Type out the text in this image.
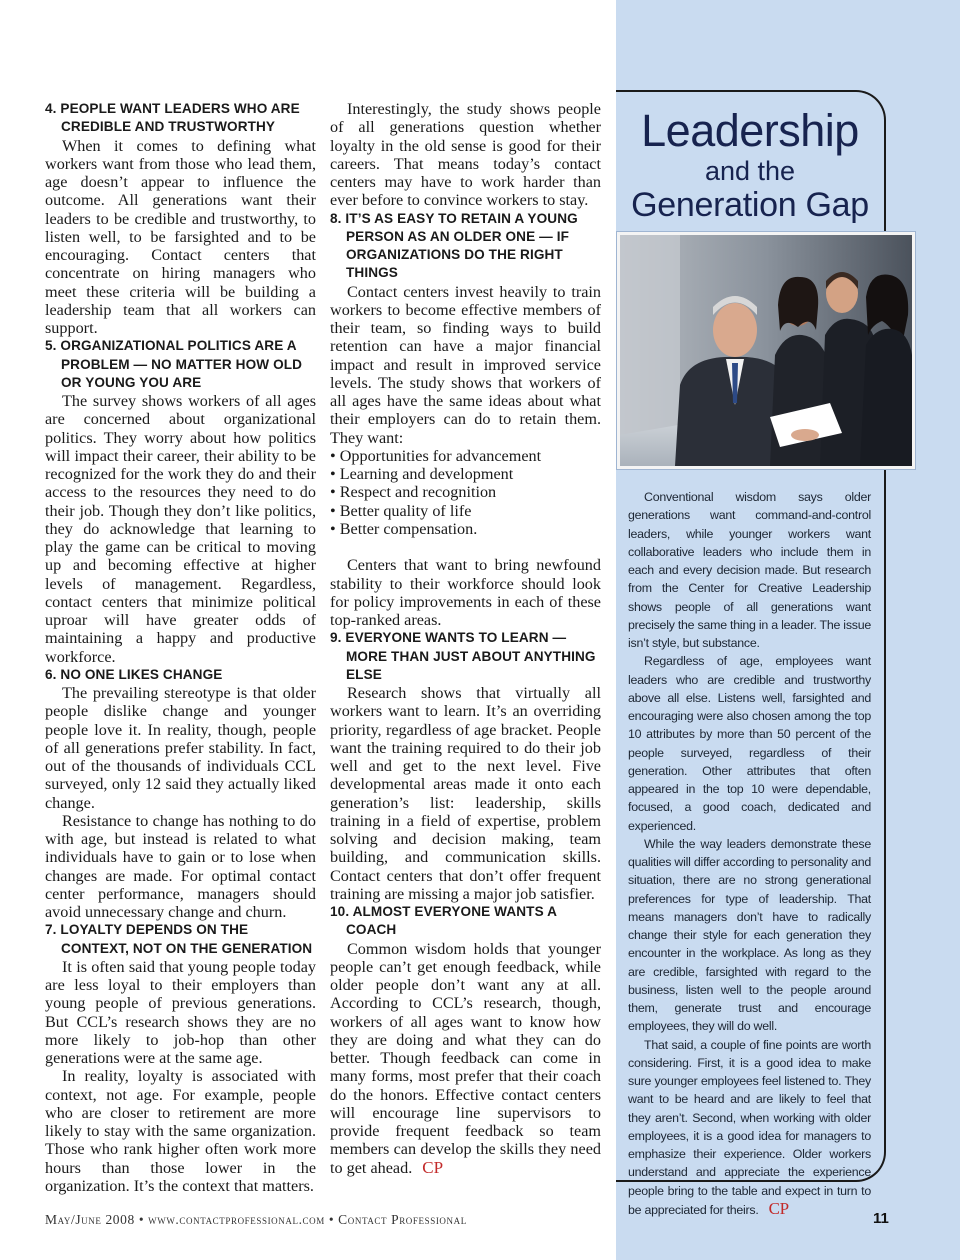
4. PEOPLE WANT LEADERS WHO ARE CREDIBLE AND TRUSTWORTHY

When it comes to defining what workers want from those who lead them, age doesn’t appear to influence the outcome. All generations want their leaders to be credible and trustworthy, to listen well, to be farsighted and to be encouraging. Contact centers that concentrate on hiring managers who meet these criteria will be building a leadership team that all workers can support.

5. ORGANIZATIONAL POLITICS ARE A PROBLEM — NO MATTER HOW OLD OR YOUNG YOU ARE

The survey shows workers of all ages are concerned about organizational politics. They worry about how politics will impact their career, their ability to be recognized for the work they do and their access to the resources they need to do their job. Though they don’t like politics, they do acknowledge that learning to play the game can be critical to moving up and becoming effective at higher levels of management. Regardless, contact centers that minimize political uproar will have greater odds of maintaining a happy and productive workforce.

6. NO ONE LIKES CHANGE

The prevailing stereotype is that older people dislike change and younger people love it. In reality, though, people of all generations prefer stability. In fact, out of the thousands of individuals CCL surveyed, only 12 said they actually liked change.

Resistance to change has nothing to do with age, but instead is related to what individuals have to gain or to lose when changes are made. For optimal contact center performance, managers should avoid unnecessary change and churn.

7. LOYALTY DEPENDS ON THE CONTEXT, NOT ON THE GENERATION

It is often said that young people today are less loyal to their employers than young people of previous generations. But CCL’s research shows they are no more likely to job-hop than other generations were at the same age.

In reality, loyalty is associated with context, not age. For example, people who are closer to retirement are more likely to stay with the same organization. Those who rank higher often work more hours than those lower in the organization. It’s the context that matters.

Interestingly, the study shows people of all generations question whether loyalty in the old sense is good for their careers. That means today’s contact centers may have to work harder than ever before to convince workers to stay.

8. IT’S AS EASY TO RETAIN A YOUNG PERSON AS AN OLDER ONE — IF ORGANIZATIONS DO THE RIGHT THINGS

Contact centers invest heavily to train workers to become effective members of their team, so finding ways to build retention can have a major financial impact and result in improved service levels. The study shows that workers of all ages have the same ideas about what their employers can do to retain them. They want:

• Opportunities for advancement
• Learning and development
• Respect and recognition
• Better quality of life
• Better compensation.

Centers that want to bring newfound stability to their workforce should look for policy improvements in each of these top-ranked areas.

9. EVERYONE WANTS TO LEARN — MORE THAN JUST ABOUT ANYTHING ELSE

Research shows that virtually all workers want to learn. It’s an overriding priority, regardless of age bracket. People want the training required to do their job well and get to the next level. Five developmental areas made it onto each generation’s list: leadership, skills training in a field of expertise, problem solving and decision making, team building, and communication skills. Contact centers that don’t offer frequent training are missing a major job satisfier.

10. ALMOST EVERYONE WANTS A COACH

Common wisdom holds that younger people can’t get enough feedback, while older people don’t want any at all. According to CCL’s research, though, workers of all ages want to know how they are doing and what they can do better. Though feedback can come in many forms, most prefer that their coach do the honors. Effective contact centers will encourage line supervisors to provide frequent feedback so team members can develop the skills they need to get ahead. CP

Leadership
and the
Generation Gap

Conventional wisdom says older generations want command-and-control leaders, while younger workers want collaborative leaders who include them in each and every decision made. But research from the Center for Creative Leadership shows people of all generations want precisely the same thing in a leader. The issue isn’t style, but substance.

Regardless of age, employees want leaders who are credible and trustworthy above all else. Listens well, farsighted and encouraging were also chosen among the top 10 attributes by more than 50 percent of the people surveyed, regardless of their generation. Other attributes that often appeared in the top 10 were dependable, focused, a good coach, dedicated and experienced.

While the way leaders demonstrate these qualities will differ according to personality and situation, there are no strong generational preferences for type of leadership. That means managers don’t have to radically change their style for each generation they encounter in the workplace. As long as they are credible, farsighted with regard to the business, listen well to the people around them, generate trust and encourage employees, they will do well.

That said, a couple of fine points are worth considering. First, it is a good idea to make sure younger employees feel listened to. They want to be heard and are likely to feel that they aren’t. Second, when working with older employees, it is a good idea for managers to emphasize their experience. Older workers understand and appreciate the experience people bring to the table and expect in turn to be appreciated for theirs. CP

May/June 2008 • www.contactprofessional.com • Contact Professional	11
